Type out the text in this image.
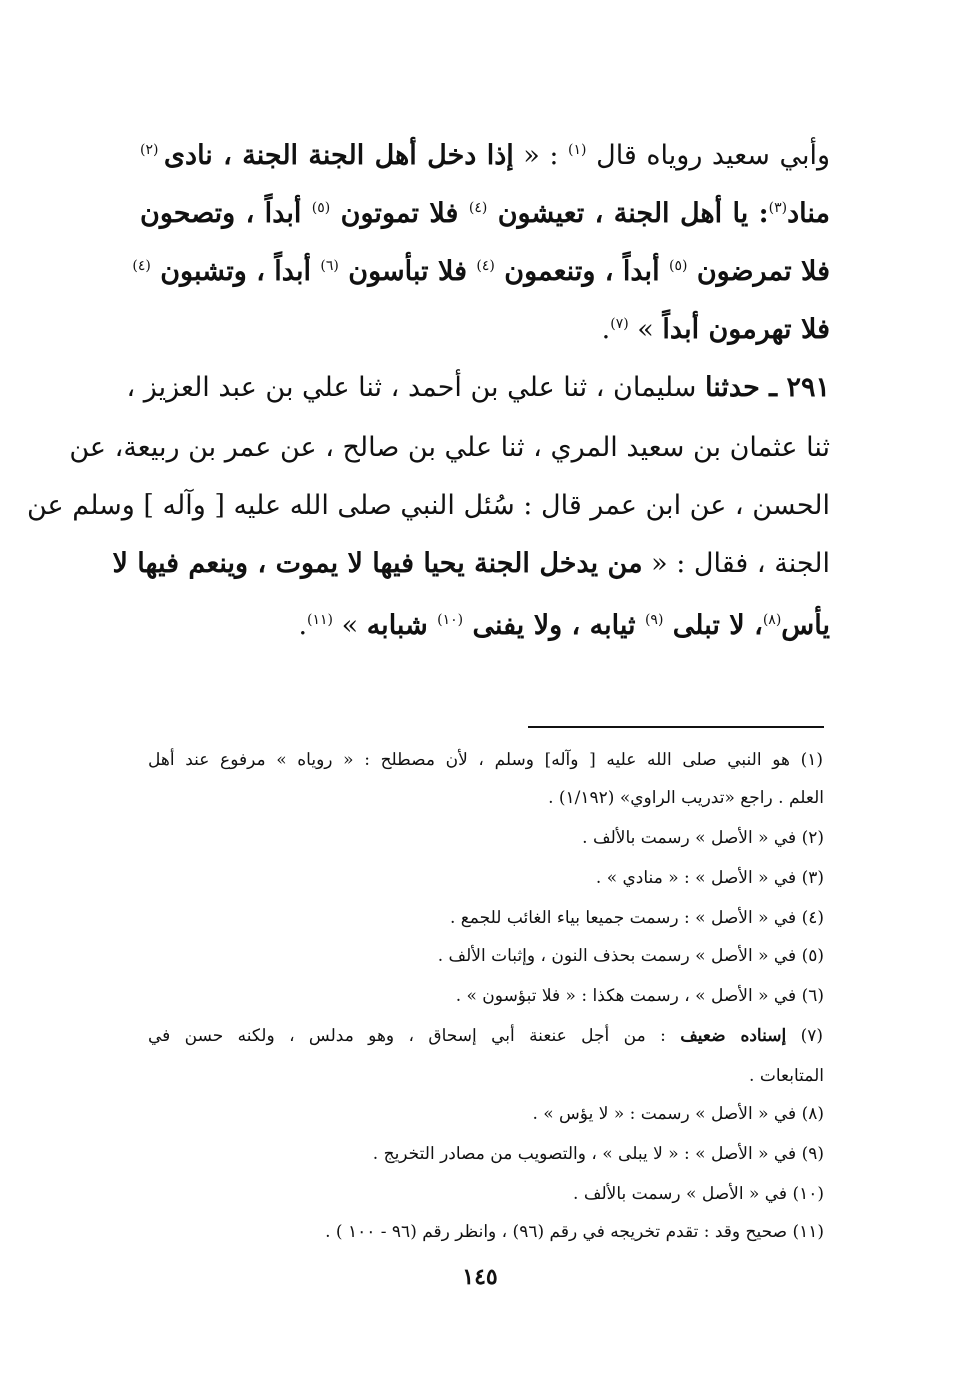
وأبي سعيد روياه قال $^{(١)}$ : « إذا دخل أهل الجنة الجنة ، نادى $^{(٢)}$
مناد$^{(٣)}$: يا أهل الجنة ، تعيشون $^{(٤)}$ فلا تموتون $^{(٥)}$ أبداً ، وتصحون
فلا تمرضون $^{(٥)}$ أبداً ، وتنعمون $^{(٤)}$ فلا تبأسون $^{(٦)}$ أبداً ، وتشبون $^{(٤)}$
فلا تهرمون أبداً » $^{(٧)}$.
٢٩١ ـ حدثنا سليمان ، ثنا علي بن أحمد ، ثنا علي بن عبد العزيز ،
ثنا عثمان بن سعيد المري ، ثنا علي بن صالح ، عن عمر بن ربيعة، عن
الحسن ، عن ابن عمر قال : سُئل النبي صلى الله عليه [ وآله ] وسلم عن
الجنة ، فقال : « من يدخل الجنة يحيا فيها لا يموت ، وينعم فيها لا
يأس$^{(٨)}$، لا تبلى $^{(٩)}$ ثيابه ، ولا يفنى $^{(١٠)}$ شبابه » $^{(١١)}$.
(١) هو النبي صلى الله عليه [ وآله] وسلم ، لأن مصطلح : « روياه » مرفوع عند أهل
العلم . راجع «تدريب الراوي» (١/١٩٢) .
(٢) في « الأصل » رسمت بالألف .
(٣) في « الأصل » : « منادي » .
(٤) في « الأصل » : رسمت جميعا بياء الغائب للجمع .
(٥) في « الأصل » رسمت بحذف النون ، وإثبات الألف .
(٦) في « الأصل » ، رسمت هكذا : « فلا تبؤسون » .
(٧) إسناده ضعيف : من أجل عنعنة أبي إسحاق ، وهو مدلس ، ولكنه حسن في
المتابعات .
(٨) في « الأصل » رسمت : « لا يؤس » .
(٩) في « الأصل » : « لا يبلى » ، والتصويب من مصادر التخريج .
(١٠) في « الأصل » رسمت بالألف .
(١١) صحيح وقد : تقدم تخريجه في رقم (٩٦) ، وانظر رقم (٩٦ - ١٠٠ ) .
١٤٥
